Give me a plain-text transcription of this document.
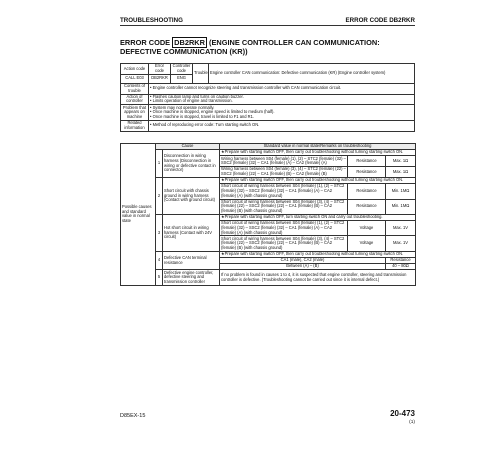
TROUBLESHOOTING	ERROR CODE DB2RKR
ERROR CODE DB2RKR (ENGINE CONTROLLER CAN COMMUNICATION: DEFECTIVE COMMUNICATION (KR))
Action code	Error code	Controller code	Trouble	Engine controller CAN communication: Defective communication (KR) (Engine controller system)
CALL E03	DB2RKR	ENG		
Contents of trouble	• Engine controller cannot recognize steering and transmission controller with CAN communication circuit.			
Action of controller	• Flashes caution lamp and turns on caution buzzer.
• Limits operation of engine and transmission.			
Problem that appears on machine	• System may not operate normally.
• Once machine is stopped, engine speed is limited to medium (half).
• Once machine is stopped, travel is limited to F1 and R1.			
Related information	• Method of reproducing error code: Turn starting switch ON.			
Possible causes and standard value in normal state	Cause		Standard value in normal state/Remarks on troubleshooting		
	1	Disconnection in wiring harness (Disconnection in wiring or defective contact in connector)	★Prepare with starting switch OFF, then carry out troubleshooting without turning starting switch ON.		
			Wiring harness between S04 (female) (1), (2) – STC2 (female) (32) – SSC2 (female) (32) – CA1 (female) (A) – CA2 (female) (A)	Resistance	Max. 1Ω
			Wiring harness between S04 (female) (3), (4) – STC2 (female) (22) – SSC2 (female) (22) – CA1 (female) (B) – CA2 (female) (B)	Resistance	Max. 1Ω
	2	Short circuit with chassis ground in wiring harness (Contact with ground circuit)	★Prepare with starting switch OFF, then carry out troubleshooting without turning starting switch ON.		
			Short circuit of wiring harness between S04 (female) (1), (2) – STC2 (female) (32) – SSC2 (female) (32) – CA1 (female) (A) – CA2 (female) (A) (with chassis ground)	Resistance	Min. 1MΩ
			Short circuit of wiring harness between S04 (female) (3), (4) – STC2 (female) (22) – SSC2 (female) (22) – CA1 (female) (B) – CA2 (female) (B) (with chassis ground)	Resistance	Min. 1MΩ
	3	Hot short circuit in wiring harness (Contact with 24V circuit)	★Prepare with starting switch OFF, turn starting switch ON and carry out troubleshooting.		
			Short circuit of wiring harness between S04 (female) (1), (2) – STC2 (female) (32) – SSC2 (female) (32) – CA1 (female) (A) – CA2 (female) (A) (with chassis ground)	Voltage	Max. 1V
			Short circuit of wiring harness between S04 (female) (3), (4) – STC2 (female) (22) – SSC2 (female) (22) – CA1 (female) (B) – CA2 (female) (B) (with chassis ground)	Voltage	Max. 1V
	4	Defective CAN terminal resistance	★Prepare with starting switch OFF, then carry out troubleshooting without turning starting switch ON.		
			CA1 (male), CA2 (male)		Resistance
			Between (A) – (B)		40 – 80Ω
	5	Defective engine controller, defective steering and transmission controller	If no problem is found in causes 1 to 4, it is suspected that engine controller, steering and transmission controller is defective. (Troubleshooting cannot be carried out since it is internal defect.)		
D85EX-15	20-473
(1)
